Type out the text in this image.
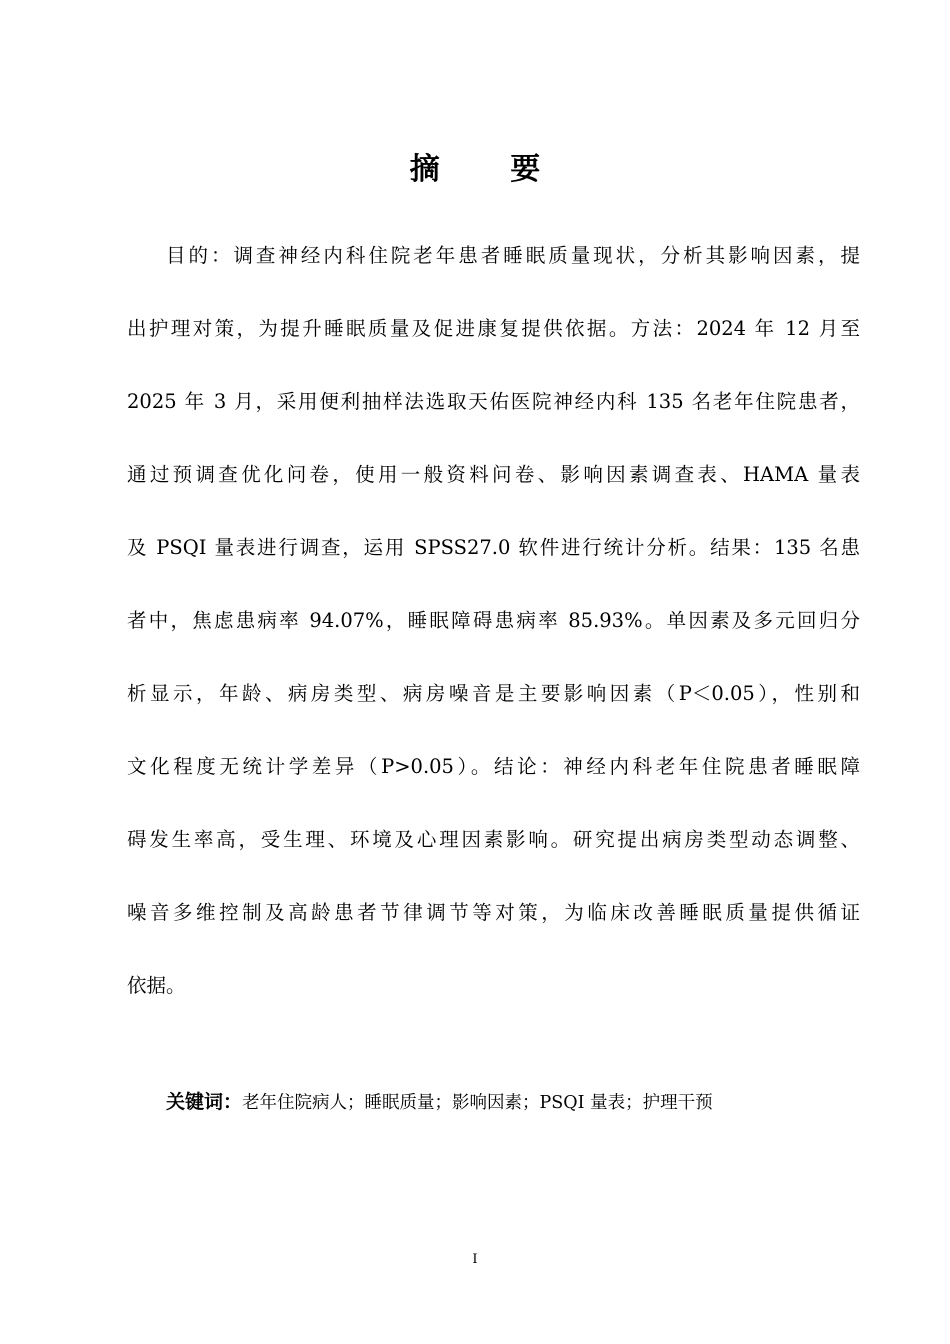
摘 要
目的：调查神经内科住院老年患者睡眠质量现状，分析其影响因素，提
出护理对策，为提升睡眠质量及促进康复提供依据。方法：2024 年 12 月至
2025 年 3 月，采用便利抽样法选取天佑医院神经内科 135 名老年住院患者，
通过预调查优化问卷，使用一般资料问卷、影响因素调查表、HAMA 量表
及 PSQI 量表进行调查，运用 SPSS27.0 软件进行统计分析。结果：135 名患
者中，焦虑患病率 94.07%，睡眠障碍患病率 85.93%。单因素及多元回归分
析显示，年龄、病房类型、病房噪音是主要影响因素（P＜0.05），性别和
文化程度无统计学差异（P>0.05）。结论：神经内科老年住院患者睡眠障
碍发生率高，受生理、环境及心理因素影响。研究提出病房类型动态调整、
噪音多维控制及高龄患者节律调节等对策，为临床改善睡眠质量提供循证
依据。
关键词：老年住院病人；睡眠质量；影响因素；PSQI 量表；护理干预
I
